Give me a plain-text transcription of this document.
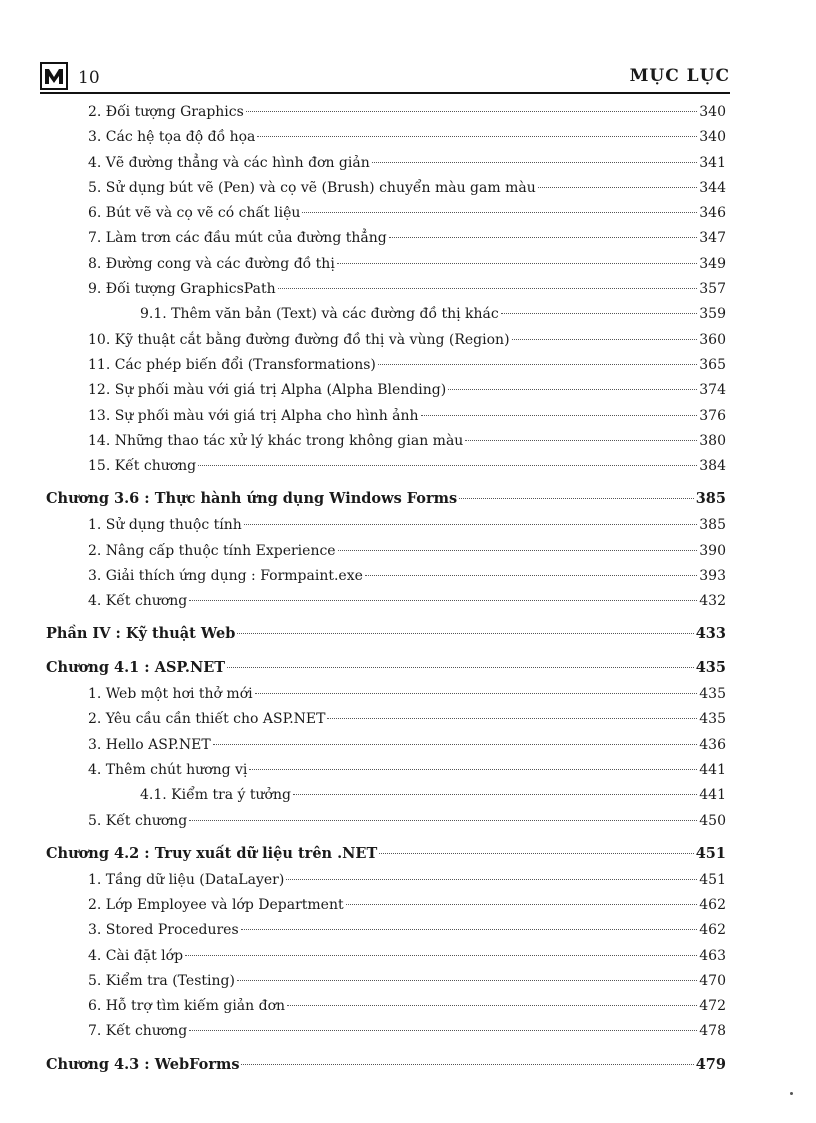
10	MỤC LỤC
2. Đối tượng Graphics	340
3. Các hệ tọa độ đồ họa	340
4. Vẽ đường thẳng và các hình đơn giản	341
5. Sử dụng bút vẽ (Pen) và cọ vẽ (Brush) chuyển màu gam màu	344
6. Bút vẽ và cọ vẽ có chất liệu	346
7. Làm trơn các đầu mút của đường thẳng	347
8. Đường cong và các đường đồ thị	349
9. Đối tượng GraphicsPath	357
9.1. Thêm văn bản (Text) và các đường đồ thị khác	359
10. Kỹ thuật cắt bằng đường đường đồ thị và vùng (Region)	360
11. Các phép biến đổi (Transformations)	365
12. Sự phối màu với giá trị Alpha (Alpha Blending)	374
13. Sự phối màu với giá trị Alpha cho hình ảnh	376
14. Những thao tác xử lý khác trong không gian màu	380
15. Kết chương	384
Chương 3.6 : Thực hành ứng dụng Windows Forms	385
1. Sử dụng thuộc tính	385
2. Nâng cấp thuộc tính Experience	390
3. Giải thích ứng dụng : Formpaint.exe	393
4. Kết chương	432
Phần IV : Kỹ thuật Web	433
Chương 4.1 : ASP.NET	435
1. Web một hơi thở mới	435
2. Yêu cầu cần thiết cho ASP.NET	435
3. Hello ASP.NET	436
4. Thêm chút hương vị	441
4.1. Kiểm tra ý tưởng	441
5. Kết chương	450
Chương 4.2 : Truy xuất dữ liệu trên .NET	451
1. Tầng dữ liệu (DataLayer)	451
2. Lớp Employee và lớp Department	462
3. Stored Procedures	462
4. Cài đặt lớp	463
5. Kiểm tra (Testing)	470
6. Hỗ trợ tìm kiếm giản đơn	472
7. Kết chương	478
Chương 4.3 : WebForms	479
